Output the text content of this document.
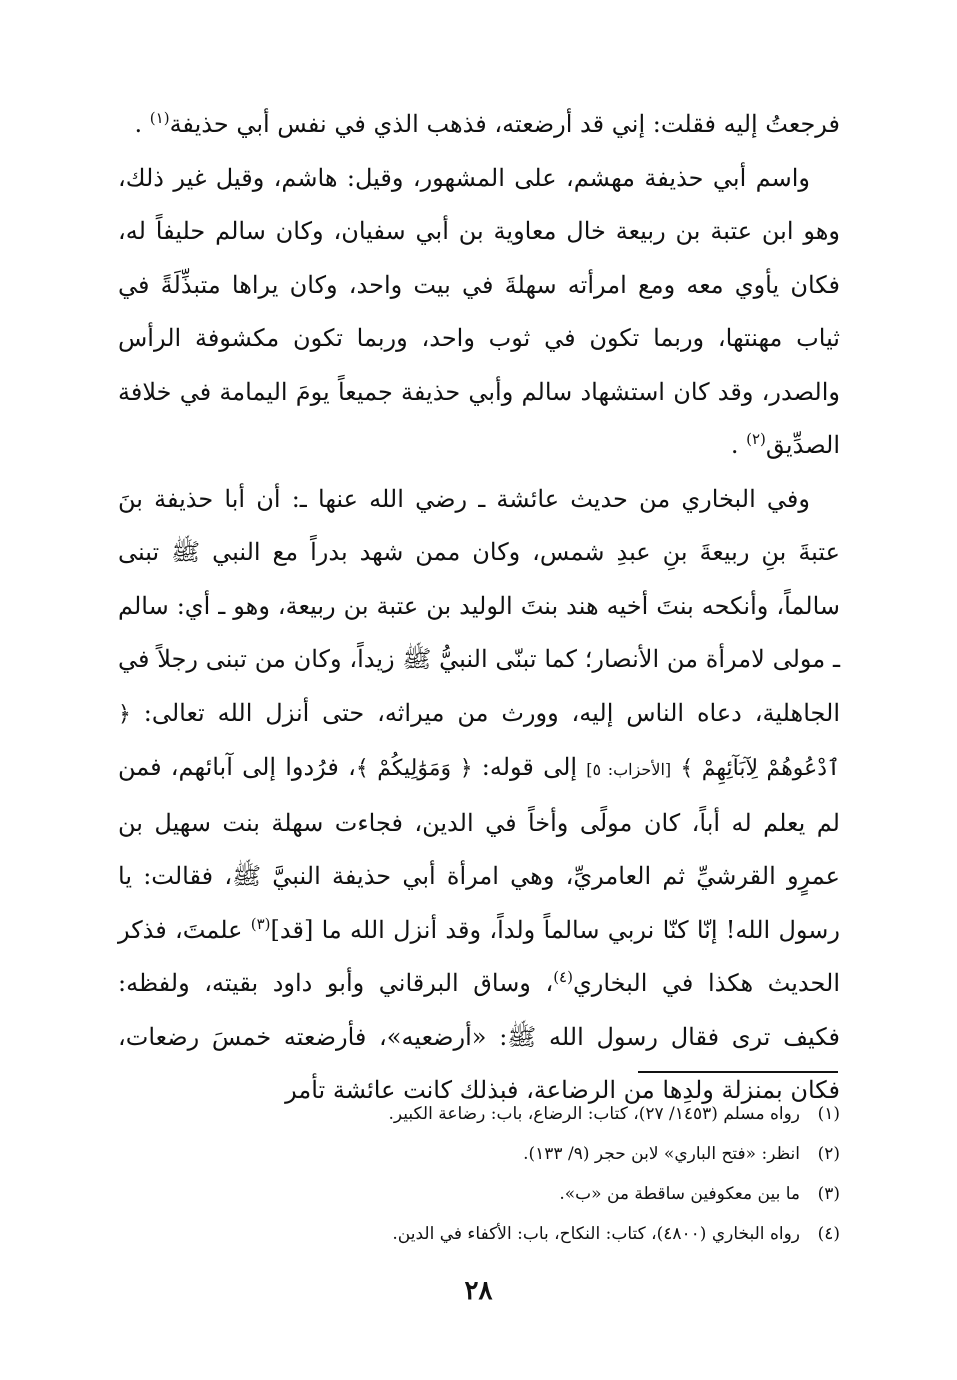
فرجعتُ إليه فقلت: إني قد أرضعته، فذهب الذي في نفس أبي حذيفة$^{(١)}$ .

واسم أبي حذيفة مهشم، على المشهور، وقيل: هاشم، وقيل غير ذلك، وهو ابن عتبة بن ربيعة خال معاوية بن أبي سفيان، وكان سالم حليفاً له، فكان يأوي معه ومع امرأته سهلةَ في بيت واحد، وكان يراها متبذِّلَةً في ثياب مهنتها، وربما تكون في ثوب واحد، وربما تكون مكشوفة الرأس والصدر، وقد كان استشهاد سالم وأبي حذيفة جميعاً يومَ اليمامة في خلافة الصدِّيق$^{(٢)}$ .

وفي البخاري من حديث عائشة ـ رضي الله عنها ـ: أن أبا حذيفة بنَ عتبةَ بنِ ربيعةَ بنِ عبدِ شمس، وكان ممن شهد بدراً مع النبي ﷺ تبنى سالماً، وأنكحه بنتَ أخيه هند بنتَ الوليد بن عتبة بن ربيعة، وهو ـ أي: سالم ـ مولى لامرأة من الأنصار؛ كما تبنّى النبيُّ ﷺ زيداً، وكان من تبنى رجلاً في الجاهلية، دعاه الناس إليه، وورث من ميراثه، حتى أنزل الله تعالى: ﴿ ٱدْعُوهُمْ لِآبَآئِهِمْ ﴾ [الأحزاب: ٥] إلى قوله: ﴿ وَمَوَٰلِيكُمْ ﴾، فرُدوا إلى آبائهم، فمن لم يعلم له أباً، كان مولًى وأخاً في الدين، فجاءت سهلة بنت سهيل بن عمرٍو القرشيِّ ثم العامريِّ، وهي امرأة أبي حذيفة النبيَّ ﷺ، فقالت: يا رسول الله! إنّا كنّا نربي سالماً ولداً، وقد أنزل الله ما [قد]$^{(٣)}$ علمتَ، فذكر الحديث هكذا في البخاري$^{(٤)}$، وساق البرقاني وأبو داود بقيته، ولفظه: فكيف ترى فقال رسول الله ﷺ: «أرضعيه»، فأرضعته خمسَ رضعات، فكان بمنزلة ولدِها من الرضاعة، فبذلك كانت عائشة تأمر

(١)رواه مسلم (١٤٥٣/ ٢٧)، كتاب: الرضاع، باب: رضاعة الكبير.
(٢)انظر: «فتح الباري» لابن حجر (٩/ ١٣٣).
(٣)ما بين معكوفين ساقطة من «ب».
(٤)رواه البخاري (٤٨٠٠)، كتاب: النكاح، باب: الأكفاء في الدين.
٢٨
